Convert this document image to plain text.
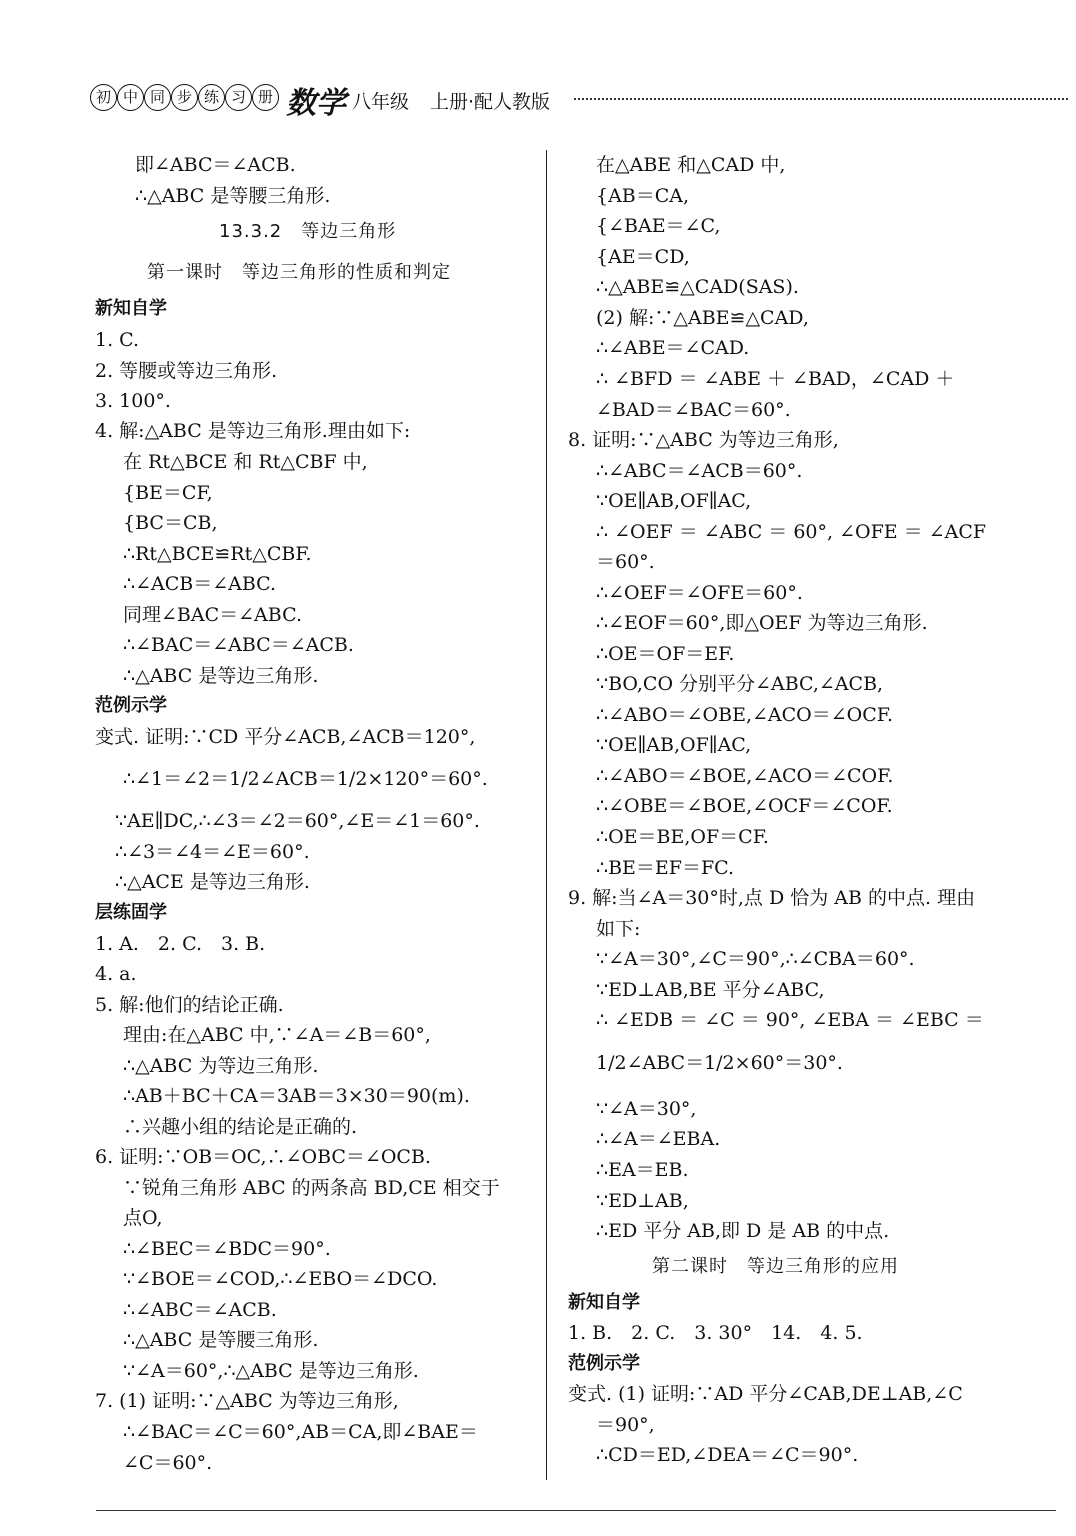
初 中 同 步 练 习 册 数学 八年级 上册·配人教版
即∠ABC＝∠ACB.
∴△ABC 是等腰三角形.
13.3.2　等边三角形
第一课时　等边三角形的性质和判定
新知自学
1. C.
2. 等腰或等边三角形.
3. 100°.
4. 解:△ABC 是等边三角形.理由如下:
在 Rt△BCE 和 Rt△CBF 中,
{BE＝CF,
{BC＝CB,
∴Rt△BCE≌Rt△CBF.
∴∠ACB＝∠ABC.
同理∠BAC＝∠ABC.
∴∠BAC＝∠ABC＝∠ACB.
∴△ABC 是等边三角形.
范例示学
变式. 证明:∵CD 平分∠ACB,∠ACB＝120°,
∴∠1＝∠2＝1/2∠ACB＝1/2×120°＝60°.
∵AE∥DC,∴∠3＝∠2＝60°,∠E＝∠1＝60°.
∴∠3＝∠4＝∠E＝60°.
∴△ACE 是等边三角形.
层练固学
1. A.　2. C.　3. B.
4. a.
5. 解:他们的结论正确.
理由:在△ABC 中,∵∠A＝∠B＝60°,
∴△ABC 为等边三角形.
∴AB＋BC＋CA＝3AB＝3×30＝90(m).
∴兴趣小组的结论是正确的.
6. 证明:∵OB＝OC,∴∠OBC＝∠OCB.
∵锐角三角形 ABC 的两条高 BD,CE 相交于
点O,
∴∠BEC＝∠BDC＝90°.
∵∠BOE＝∠COD,∴∠EBO＝∠DCO.
∴∠ABC＝∠ACB.
∴△ABC 是等腰三角形.
∵∠A＝60°,∴△ABC 是等边三角形.
7. (1) 证明:∵△ABC 为等边三角形,
∴∠BAC＝∠C＝60°,AB＝CA,即∠BAE＝
∠C＝60°.
在△ABE 和△CAD 中,
{AB＝CA,
{∠BAE＝∠C,
{AE＝CD,
∴△ABE≌△CAD(SAS).
(2) 解:∵△ABE≌△CAD,
∴∠ABE＝∠CAD.
∴ ∠BFD ＝ ∠ABE ＋ ∠BAD，∠CAD ＋
∠BAD＝∠BAC＝60°.
8. 证明:∵△ABC 为等边三角形,
∴∠ABC＝∠ACB＝60°.
∵OE∥AB,OF∥AC,
∴ ∠OEF ＝ ∠ABC ＝ 60°, ∠OFE ＝ ∠ACF
＝60°.
∴∠OEF＝∠OFE＝60°.
∴∠EOF＝60°,即△OEF 为等边三角形.
∴OE＝OF＝EF.
∵BO,CO 分别平分∠ABC,∠ACB,
∴∠ABO＝∠OBE,∠ACO＝∠OCF.
∵OE∥AB,OF∥AC,
∴∠ABO＝∠BOE,∠ACO＝∠COF.
∴∠OBE＝∠BOE,∠OCF＝∠COF.
∴OE＝BE,OF＝CF.
∴BE＝EF＝FC.
9. 解:当∠A＝30°时,点 D 恰为 AB 的中点. 理由
如下:
∵∠A＝30°,∠C＝90°,∴∠CBA＝60°.
∵ED⊥AB,BE 平分∠ABC,
∴ ∠EDB ＝ ∠C ＝ 90°, ∠EBA ＝ ∠EBC ＝
1/2∠ABC＝1/2×60°＝30°.
∵∠A＝30°,
∴∠A＝∠EBA.
∴EA＝EB.
∵ED⊥AB,
∴ED 平分 AB,即 D 是 AB 的中点.
第二课时　等边三角形的应用
新知自学
1. B.　2. C.　3. 30°　14.　4. 5.
范例示学
变式. (1) 证明:∵AD 平分∠CAB,DE⊥AB,∠C
＝90°,
∴CD＝ED,∠DEA＝∠C＝90°.
